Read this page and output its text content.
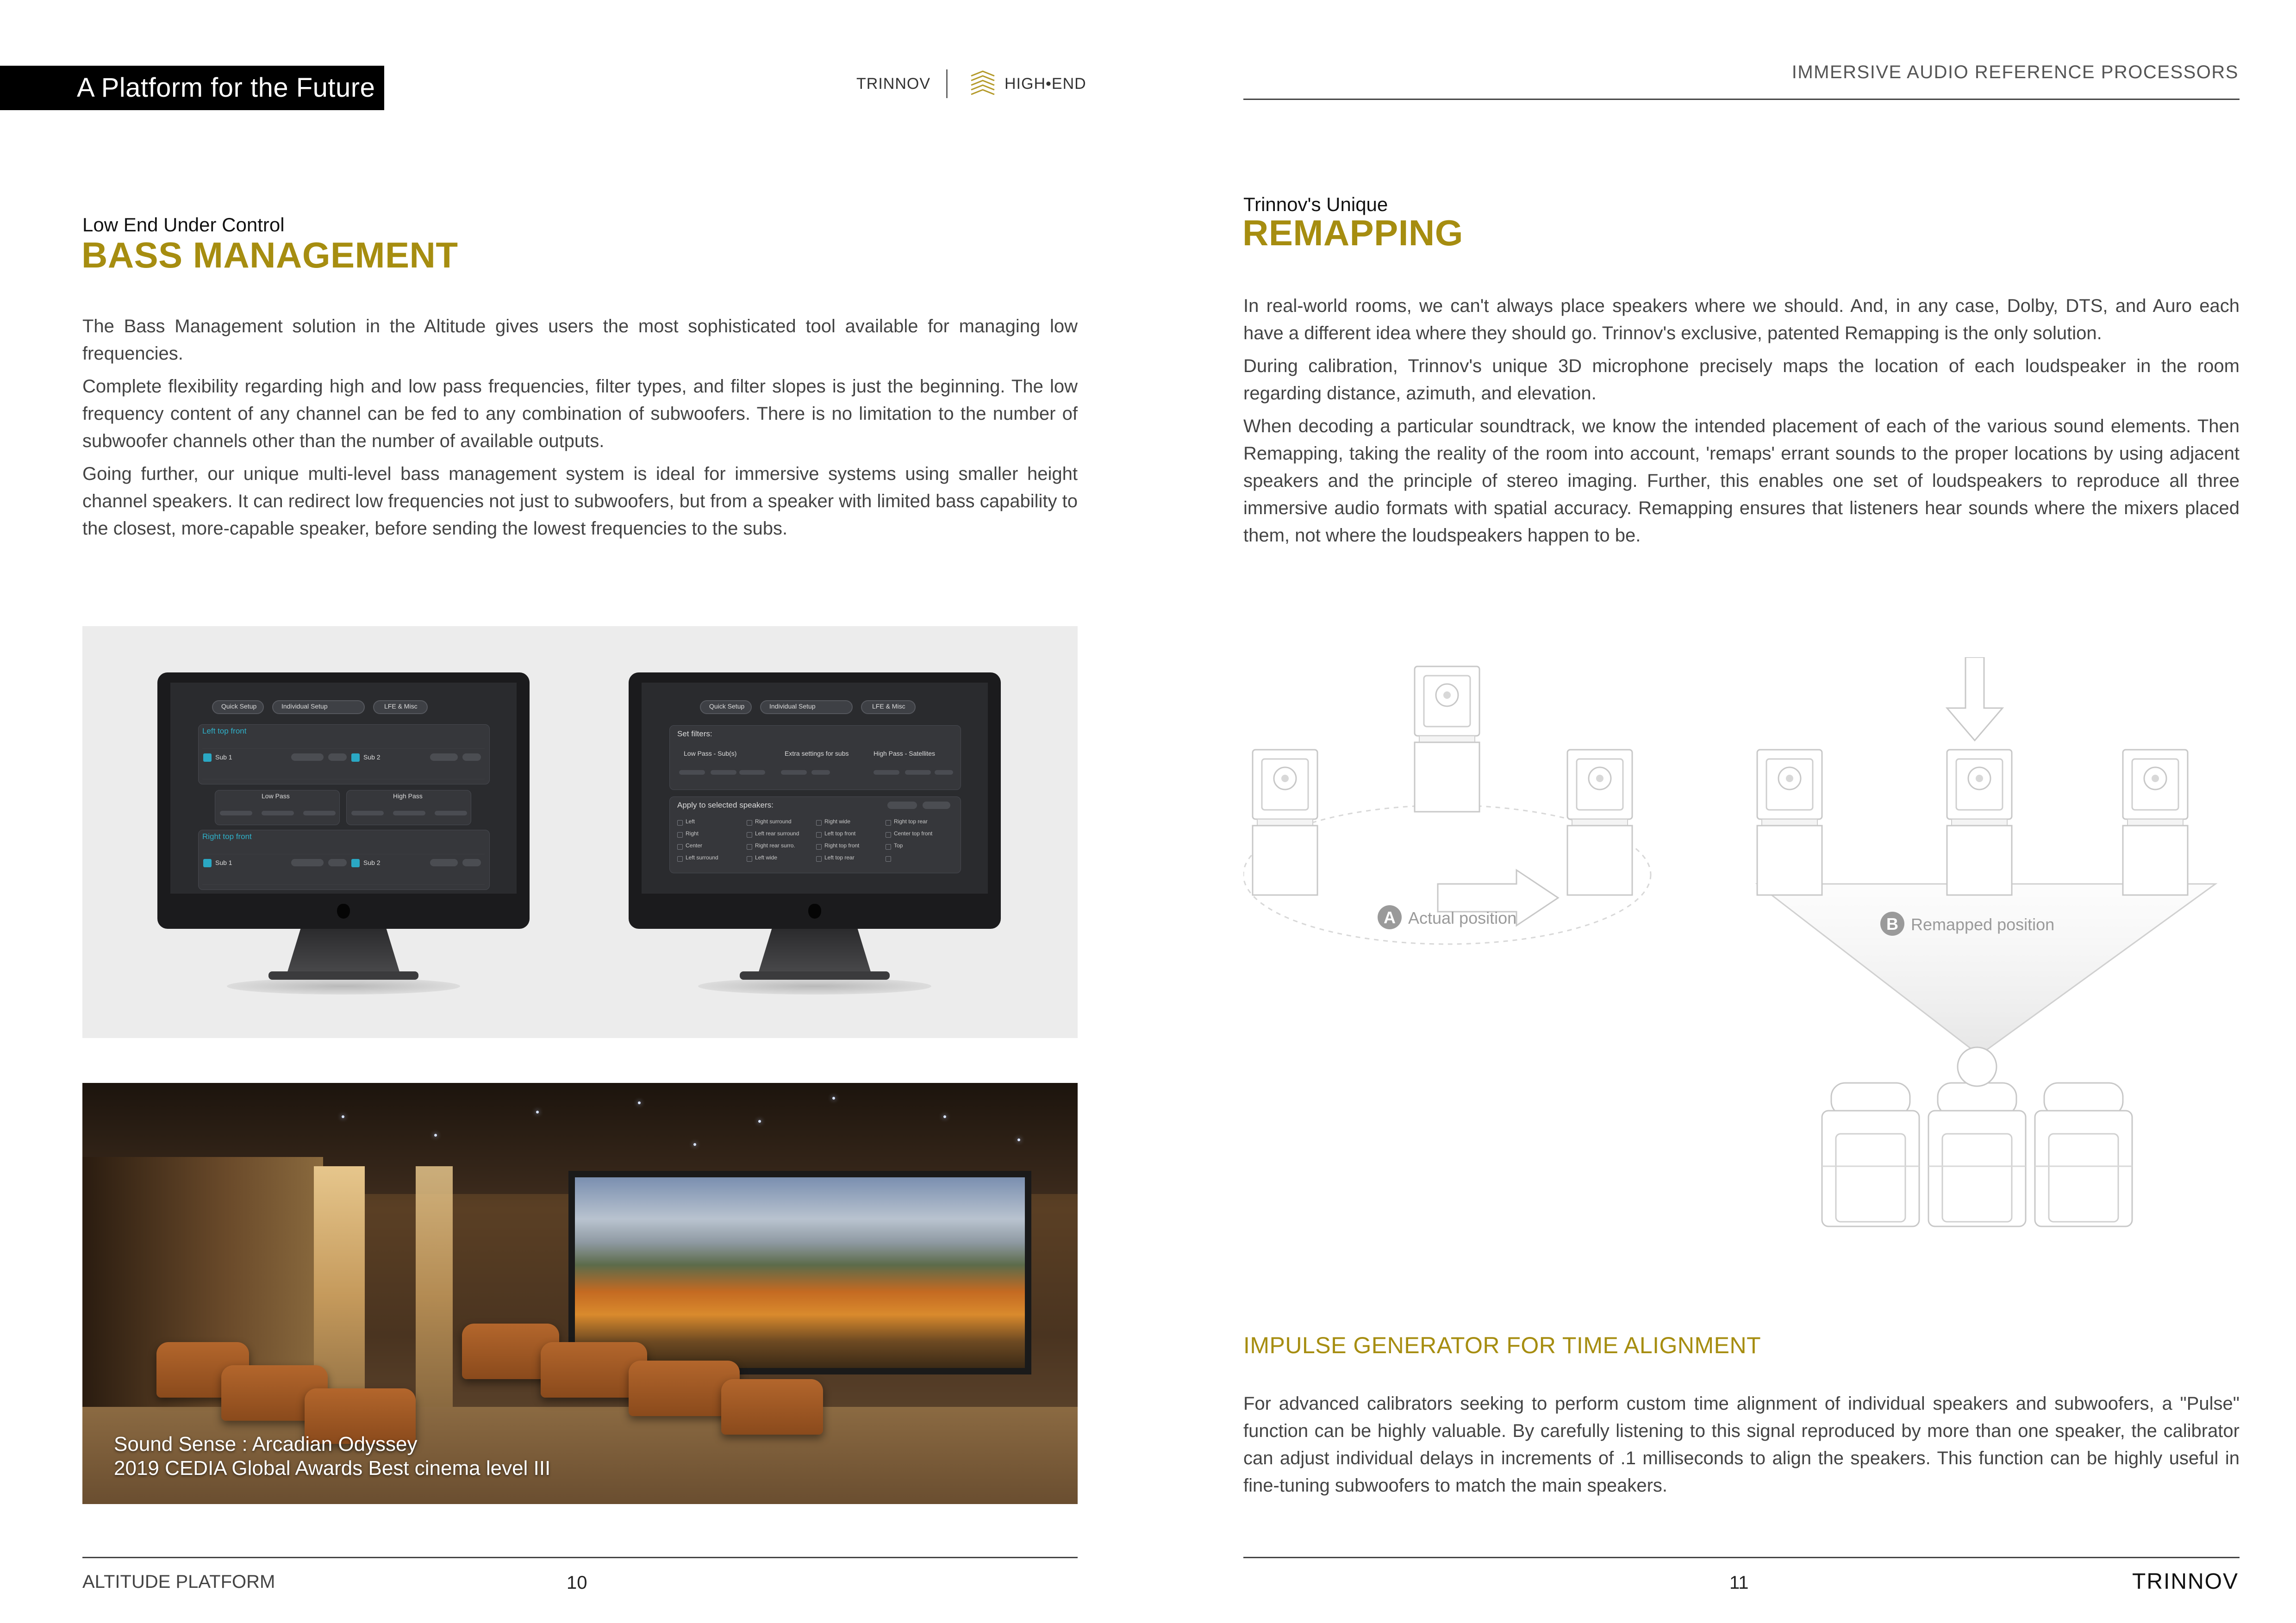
A Platform for the Future	TRINNOV	HIGH•END
IMMERSIVE AUDIO REFERENCE PROCESSORS
Low End Under Control
BASS MANAGEMENT

The Bass Management solution in the Altitude gives users the most sophisticated tool available for managing low frequencies.

Complete flexibility regarding high and low pass frequencies, filter types, and filter slopes is just the beginning. The low frequency content of any channel can be fed to any combination of subwoofers. There is no limitation to the number of subwoofer channels other than the number of available outputs.

Going further, our unique multi-level bass management system is ideal for immersive systems using smaller height channel speakers. It can redirect low frequencies not just to subwoofers, but from a speaker with limited bass capability to the closest, more-capable speaker, before sending the lowest frequencies to the subs.

Quick Setup	Individual Setup	LFE & Misc
Left top front
Sub 1	Sub 2
Low Pass	High Pass
Right top front
Sub 1	Sub 2
Quick Setup	Individual Setup	LFE & Misc
Set filters:
Low Pass - Sub(s)	Extra settings for subs	High Pass - Satellites
Apply to selected speakers:
Left	Right surround	Right wide	Right top rear
Right	Left rear surround	Left top front	Center top front
Center	Right rear surro.	Right top front	Top
Left surround	Left wide	Left top rear
Sound Sense : Arcadian Odyssey
2019 CEDIA Global Awards Best cinema level III
Trinnov's Unique
REMAPPING

In real-world rooms, we can't always place speakers where we should. And, in any case, Dolby, DTS, and Auro each have a different idea where they should go. Trinnov's exclusive, patented Remapping is the only solution.

During calibration, Trinnov's unique 3D microphone precisely maps the location of each loudspeaker in the room regarding distance, azimuth, and elevation.

When decoding a particular soundtrack, we know the intended placement of each of the various sound elements. Then Remapping, taking the reality of the room into account, 'remaps' errant sounds to the proper locations by using adjacent speakers and the principle of stereo imaging. Further, this enables one set of loudspeakers to reproduce all three immersive audio formats with spatial accuracy. Remapping ensures that listeners hear sounds where the mixers placed them, not where the loudspeakers happen to be.

A Actual position	B Remapped position
IMPULSE GENERATOR FOR TIME ALIGNMENT

For advanced calibrators seeking to perform custom time alignment of individual speakers and subwoofers, a "Pulse" function can be highly valuable. By carefully listening to this signal reproduced by more than one speaker, the calibrator can adjust individual delays in increments of .1 milliseconds to align the speakers. This function can be highly useful in fine-tuning subwoofers to match the main speakers.

ALTITUDE PLATFORM	10	11	TRINNOV
